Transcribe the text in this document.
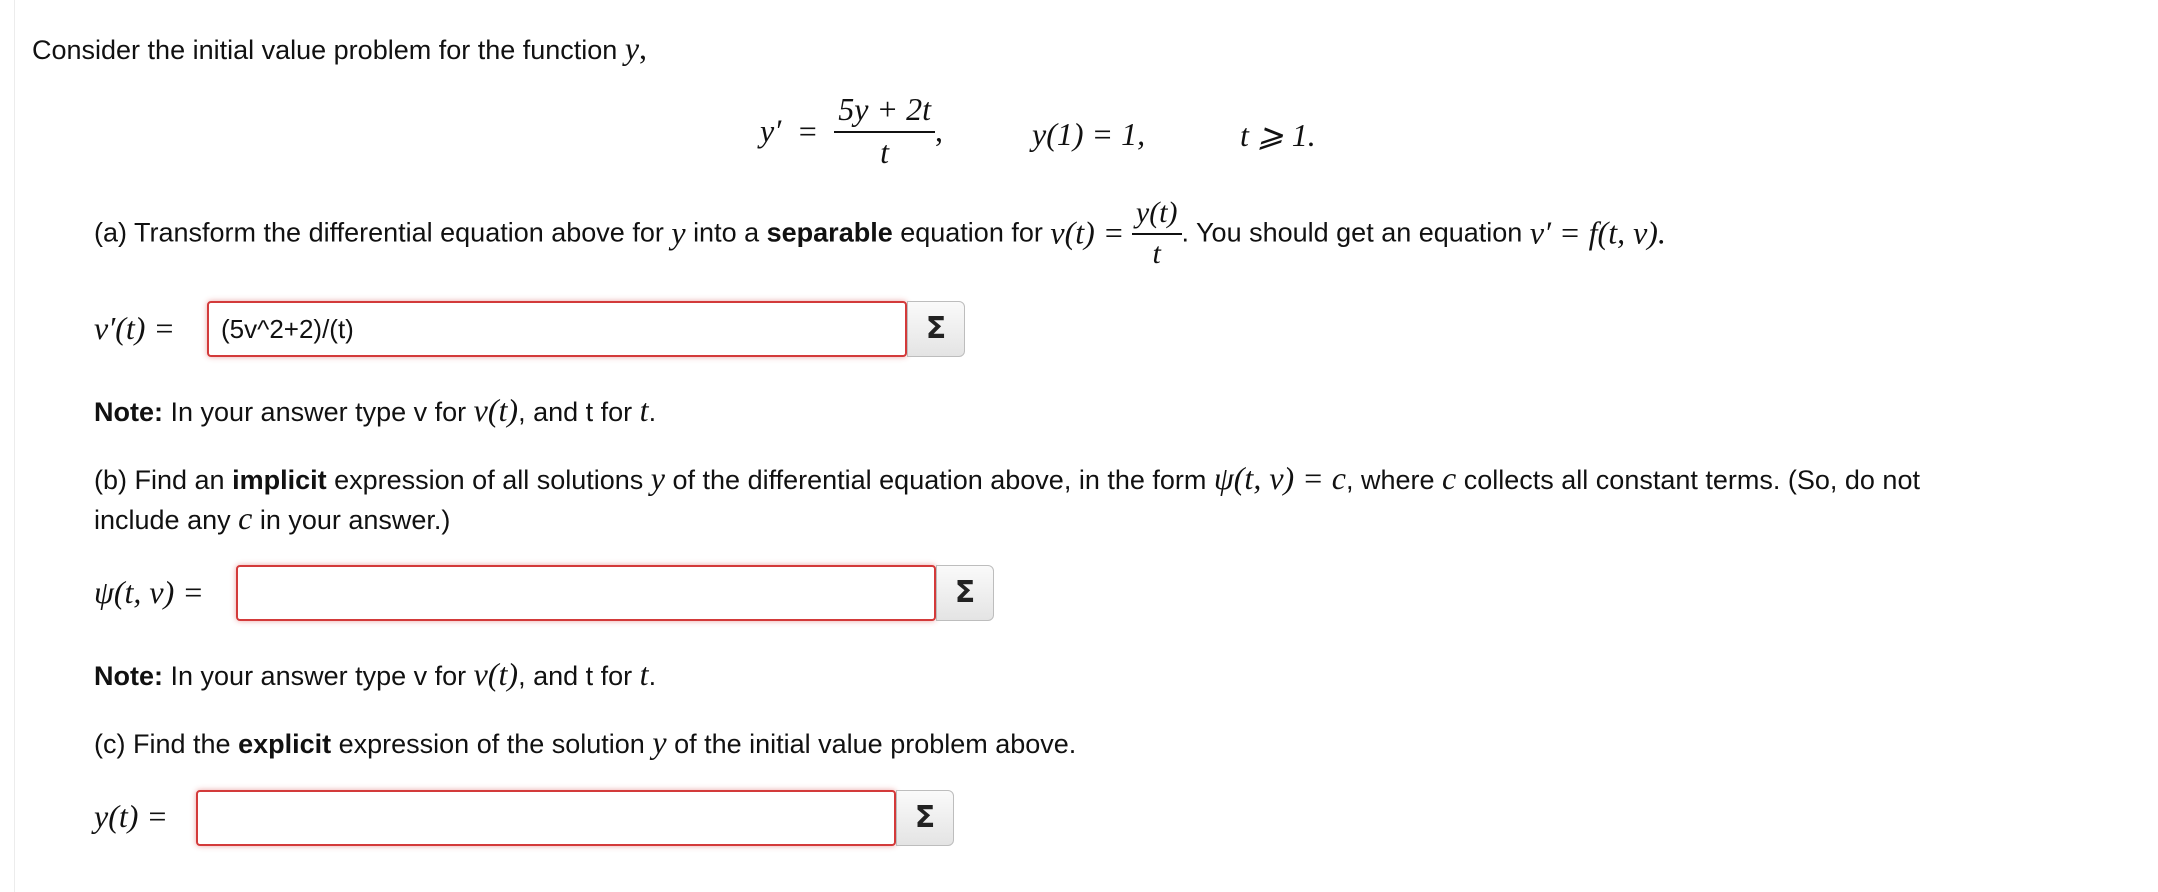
Consider the initial value problem for the function y,
$y' = \frac{5y + 2t}{t}$ ,	y(1) = 1,	t ⩾ 1.
(a) Transform the differential equation above for y into a separable equation for $v(t) = \frac{y(t)}{t}$ . You should get an equation v′ = f(t, v).
v′(t) =
(5v^2+2)/(t)	Σ
Note: In your answer type v for v(t), and t for t.
(b) Find an implicit expression of all solutions y of the differential equation above, in the form ψ(t, v) = c, where c collects all constant terms. (So, do not
include any c in your answer.)
ψ(t, v) =	Σ
Note: In your answer type v for v(t), and t for t.
(c) Find the explicit expression of the solution y of the initial value problem above.
y(t) =	Σ
